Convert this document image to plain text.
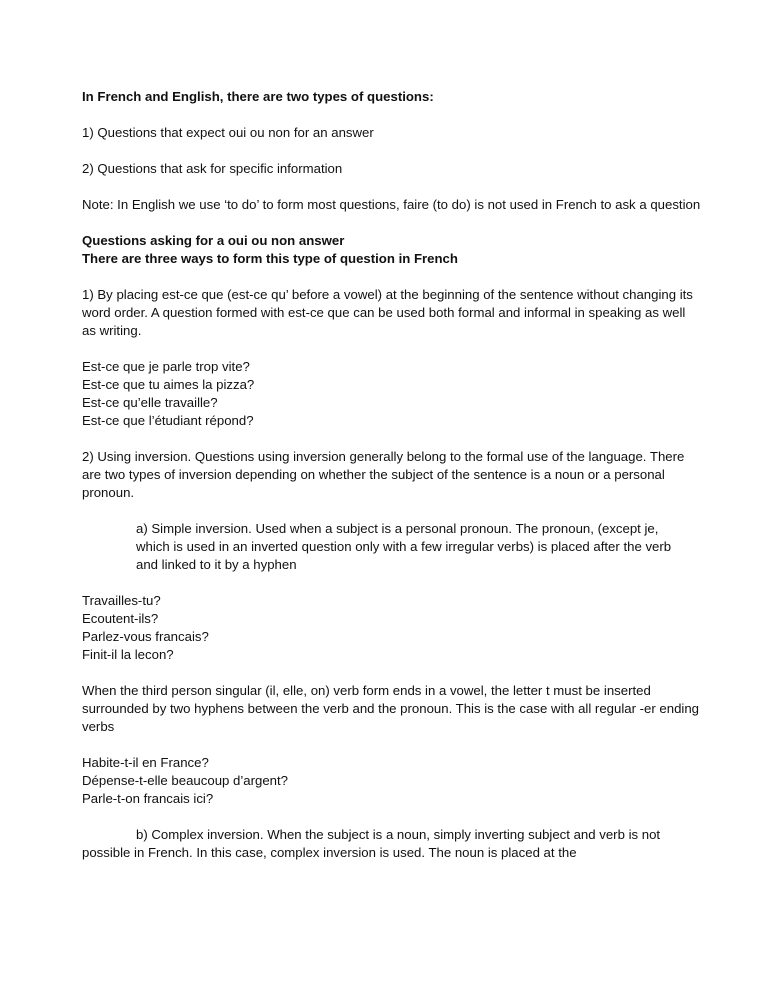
In French and English, there are two types of questions:

1) Questions that expect oui ou non for an answer

2) Questions that ask for specific information

Note: In English we use ‘to do’ to form most questions, faire (to do) is not used in French to ask a question

Questions asking for a oui ou non answer

There are three ways to form this type of question in French

1) By placing est-ce que (est-ce qu’ before a vowel) at the beginning of the sentence without changing its word order. A question formed with est-ce que can be used both formal and informal in speaking as well as writing.

Est-ce que je parle trop vite?

Est-ce que tu aimes la pizza?

Est-ce qu’elle travaille?

Est-ce que l’étudiant répond?

2) Using inversion. Questions using inversion generally belong to the formal use of the language. There are two types of inversion depending on whether the subject of the sentence is a noun or a personal pronoun.

a) Simple inversion. Used when a subject is a personal pronoun. The pronoun, (except je, which is used in an inverted question only with a few irregular verbs) is placed after the verb and linked to it by a hyphen

Travailles-tu?

Ecoutent-ils?

Parlez-vous francais?

Finit-il la lecon?

When the third person singular (il, elle, on) verb form ends in a vowel, the letter t must be inserted surrounded by two hyphens between the verb and the pronoun. This is the case with all regular -er ending verbs

Habite-t-il en France?

Dépense-t-elle beaucoup d’argent?

Parle-t-on francais ici?

b) Complex inversion. When the subject is a noun, simply inverting subject and verb is not possible in French. In this case, complex inversion is used. The noun is placed at the
